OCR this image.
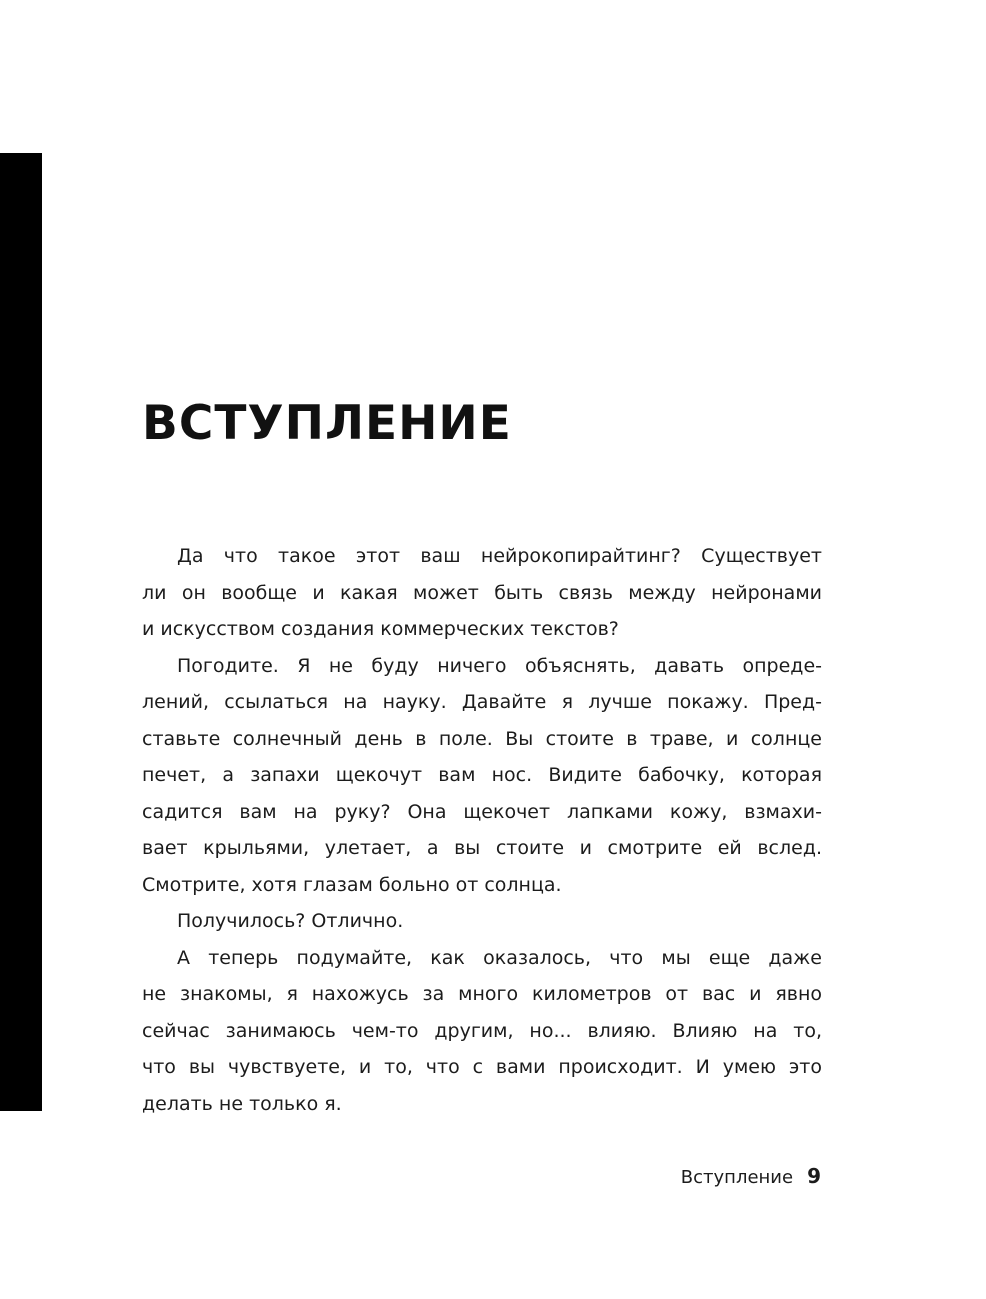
ВСТУПЛЕНИЕ

Да что такое этот ваш нейрокопирайтинг? Существует
ли он вообще и какая может быть связь между нейронами
и искусством создания коммерческих текстов?

Погодите. Я не буду ничего объяснять, давать опреде-
лений, ссылаться на науку. Давайте я лучше покажу. Пред-
ставьте солнечный день в поле. Вы стоите в траве, и солнце
печет, а запахи щекочут вам нос. Видите бабочку, которая
садится вам на руку? Она щекочет лапками кожу, взмахи-
вает крыльями, улетает, а вы стоите и смотрите ей вслед.
Смотрите, хотя глазам больно от солнца.

Получилось? Отлично.

А теперь подумайте, как оказалось, что мы еще даже
не знакомы, я нахожусь за много километров от вас и явно
сейчас занимаюсь чем-то другим, но... влияю. Влияю на то,
что вы чувствуете, и то, что с вами происходит. И умею это
делать не только я.

Вступление 9
